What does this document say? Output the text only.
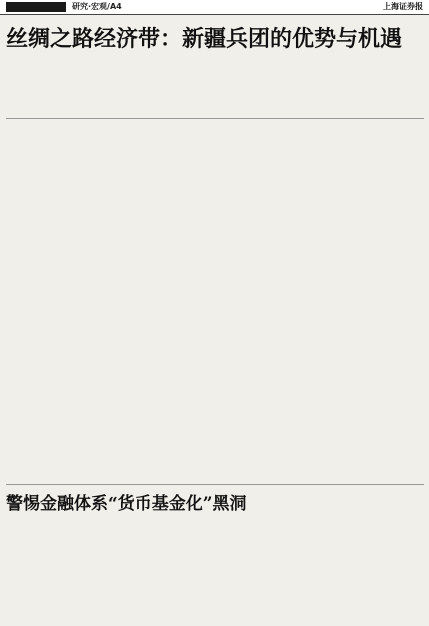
研究·宏观/A4	上海证券报
丝绸之路经济带：新疆兵团的优势与机遇
警惕金融体系“货币基金化”黑洞
